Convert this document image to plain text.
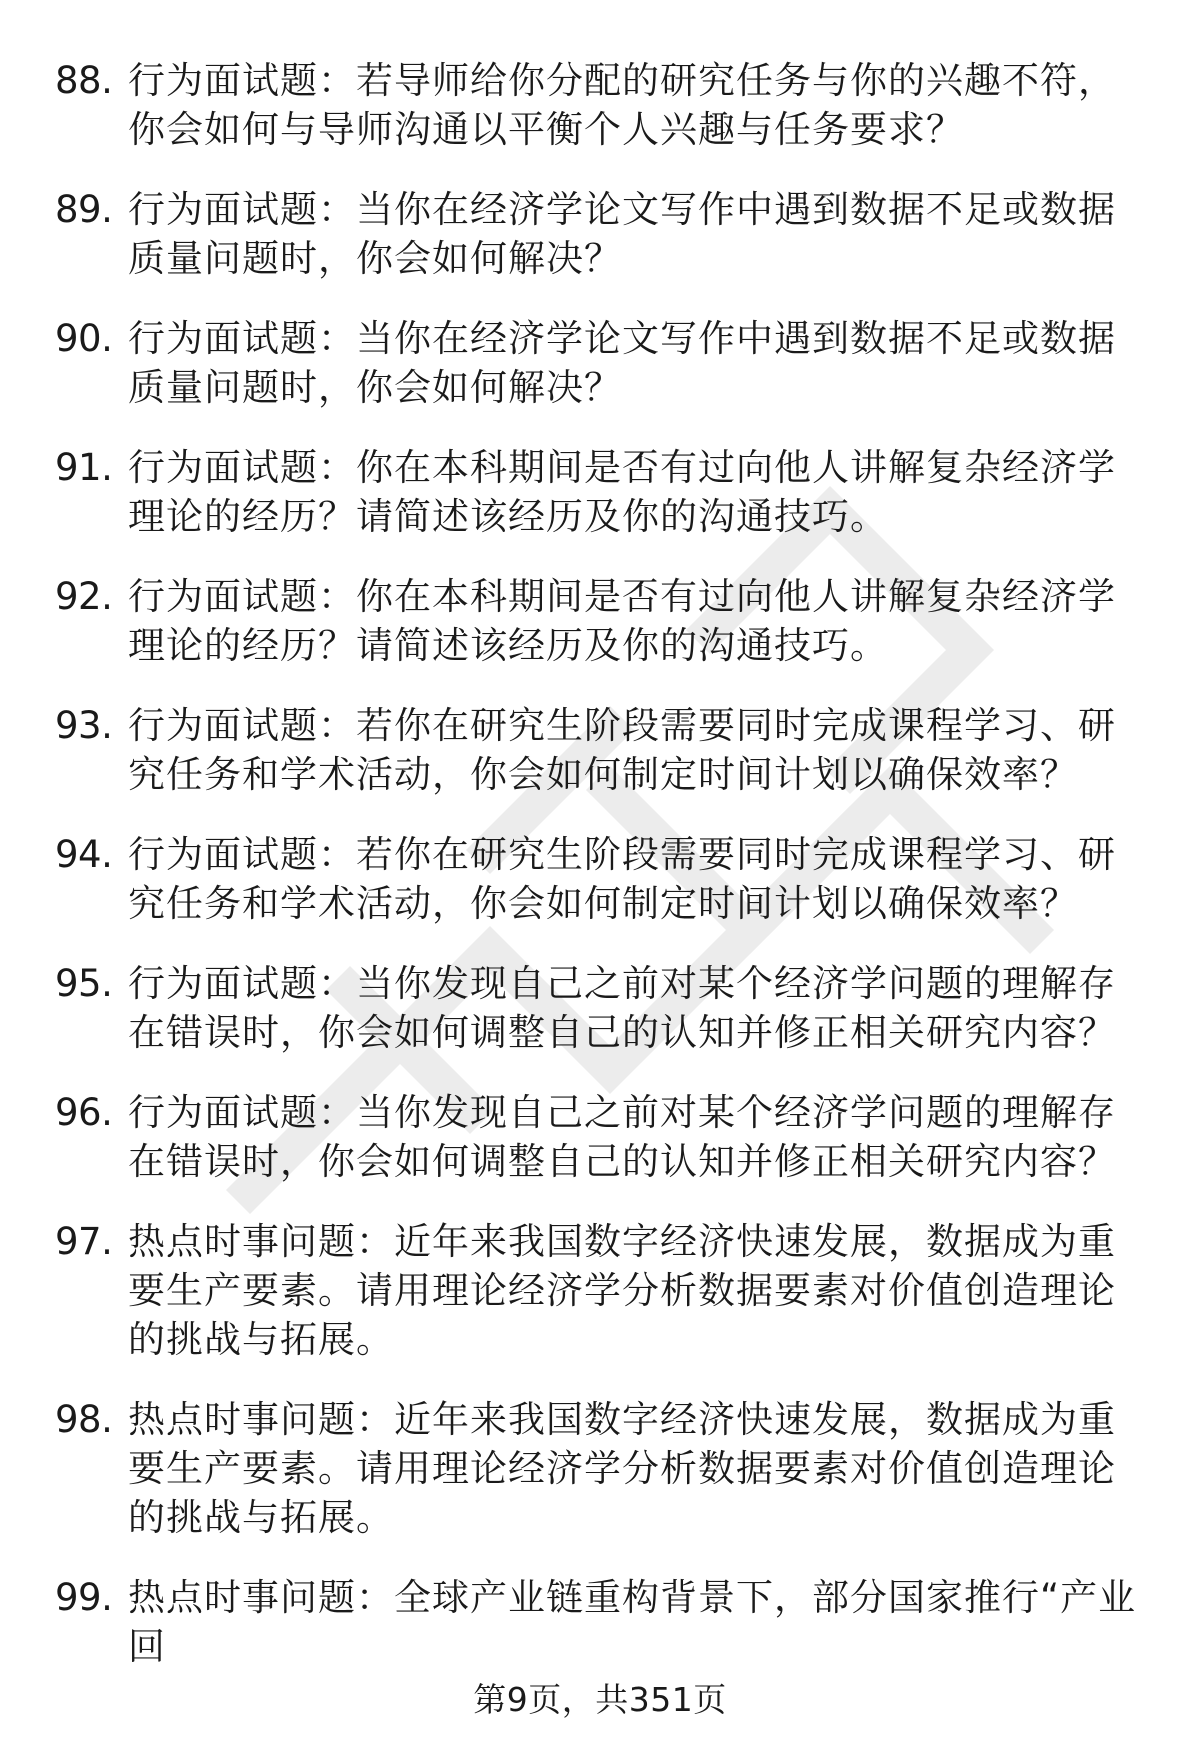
88. 行为面试题：若导师给你分配的研究任务与你的兴趣不符，你会如何与导师沟通以平衡个人兴趣与任务要求？
89. 行为面试题：当你在经济学论文写作中遇到数据不足或数据质量问题时，你会如何解决？
90. 行为面试题：当你在经济学论文写作中遇到数据不足或数据质量问题时，你会如何解决？
91. 行为面试题：你在本科期间是否有过向他人讲解复杂经济学理论的经历？请简述该经历及你的沟通技巧。
92. 行为面试题：你在本科期间是否有过向他人讲解复杂经济学理论的经历？请简述该经历及你的沟通技巧。
93. 行为面试题：若你在研究生阶段需要同时完成课程学习、研究任务和学术活动，你会如何制定时间计划以确保效率？
94. 行为面试题：若你在研究生阶段需要同时完成课程学习、研究任务和学术活动，你会如何制定时间计划以确保效率？
95. 行为面试题：当你发现自己之前对某个经济学问题的理解存在错误时，你会如何调整自己的认知并修正相关研究内容？
96. 行为面试题：当你发现自己之前对某个经济学问题的理解存在错误时，你会如何调整自己的认知并修正相关研究内容？
97. 热点时事问题：近年来我国数字经济快速发展，数据成为重要生产要素。请用理论经济学分析数据要素对价值创造理论的挑战与拓展。
98. 热点时事问题：近年来我国数字经济快速发展，数据成为重要生产要素。请用理论经济学分析数据要素对价值创造理论的挑战与拓展。
99. 热点时事问题：全球产业链重构背景下，部分国家推行“产业回
第9页，共351页
